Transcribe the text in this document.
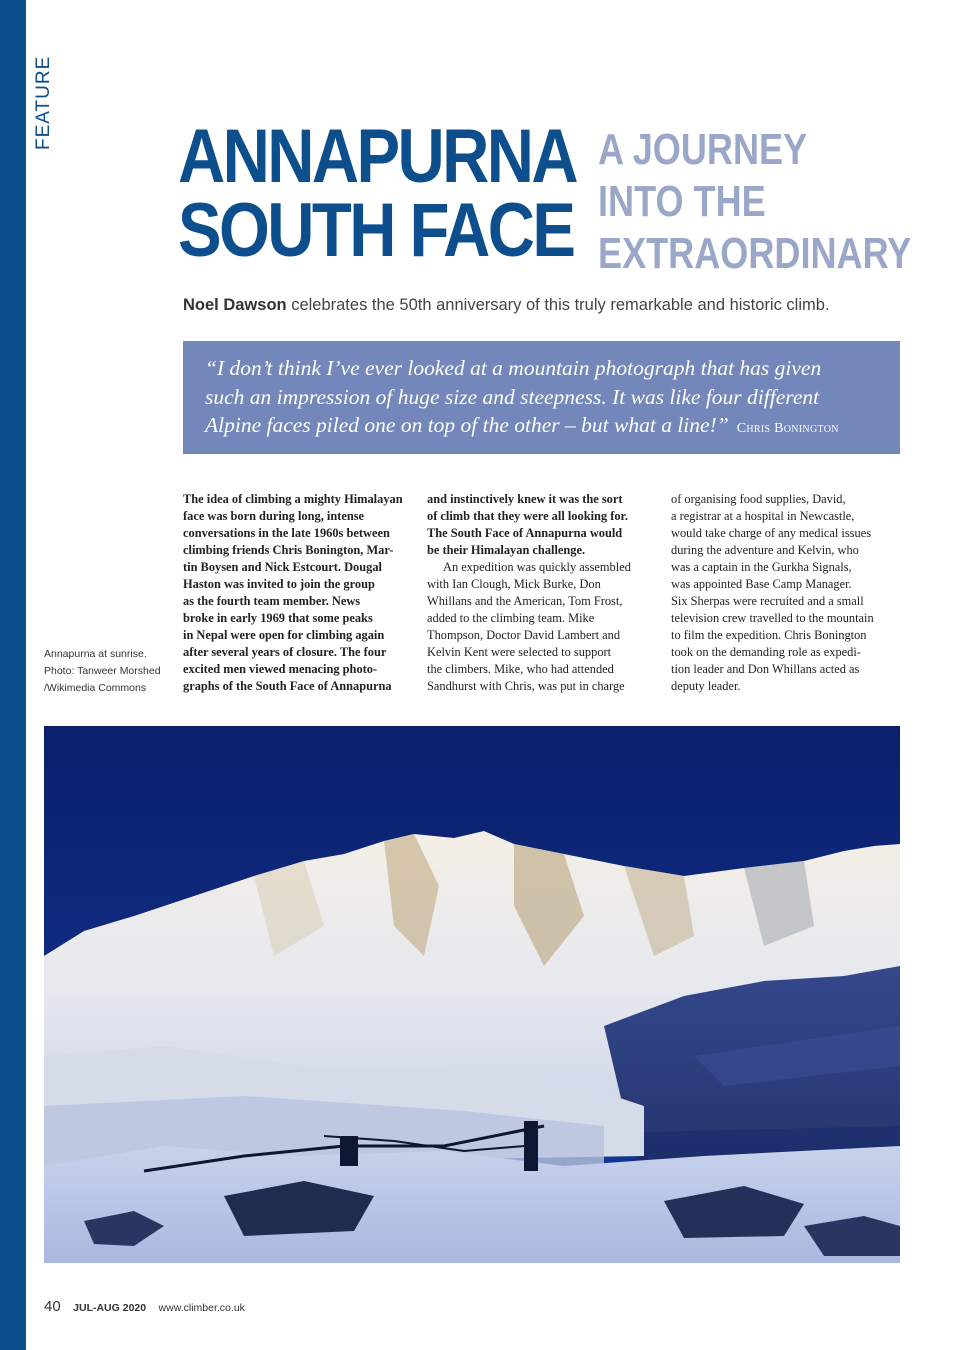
FEATURE
ANNAPURNA
SOUTH FACE
A JOURNEY
INTO THE
EXTRAORDINARY
Noel Dawson celebrates the 50th anniversary of this truly remarkable and historic climb.
“I don’t think I’ve ever looked at a mountain photograph that has given
such an impression of huge size and steepness. It was like four different
Alpine faces piled one on top of the other – but what a line!” Chris Bonington
Annapurna at sunrise.
Photo: Tanweer Morshed
/Wikimedia Commons
The idea of climbing a mighty Himalayan
face was born during long, intense
conversations in the late 1960s between
climbing friends Chris Bonington, Mar-
tin Boysen and Nick Estcourt. Dougal
Haston was invited to join the group
as the fourth team member. News
broke in early 1969 that some peaks
in Nepal were open for climbing again
after several years of closure. The four
excited men viewed menacing photo-
graphs of the South Face of Annapurna
and instinctively knew it was the sort
of climb that they were all looking for.
The South Face of Annapurna would
be their Himalayan challenge.
An expedition was quickly assembled
with Ian Clough, Mick Burke, Don
Whillans and the American, Tom Frost,
added to the climbing team. Mike
Thompson, Doctor David Lambert and
Kelvin Kent were selected to support
the climbers. Mike, who had attended
Sandhurst with Chris, was put in charge
of organising food supplies, David,
a registrar at a hospital in Newcastle,
would take charge of any medical issues
during the adventure and Kelvin, who
was a captain in the Gurkha Signals,
was appointed Base Camp Manager.
Six Sherpas were recruited and a small
television crew travelled to the mountain
to film the expedition. Chris Bonington
took on the demanding role as expedi-
tion leader and Don Whillans acted as
deputy leader.
40 JUL-AUG 2020 www.climber.co.uk
